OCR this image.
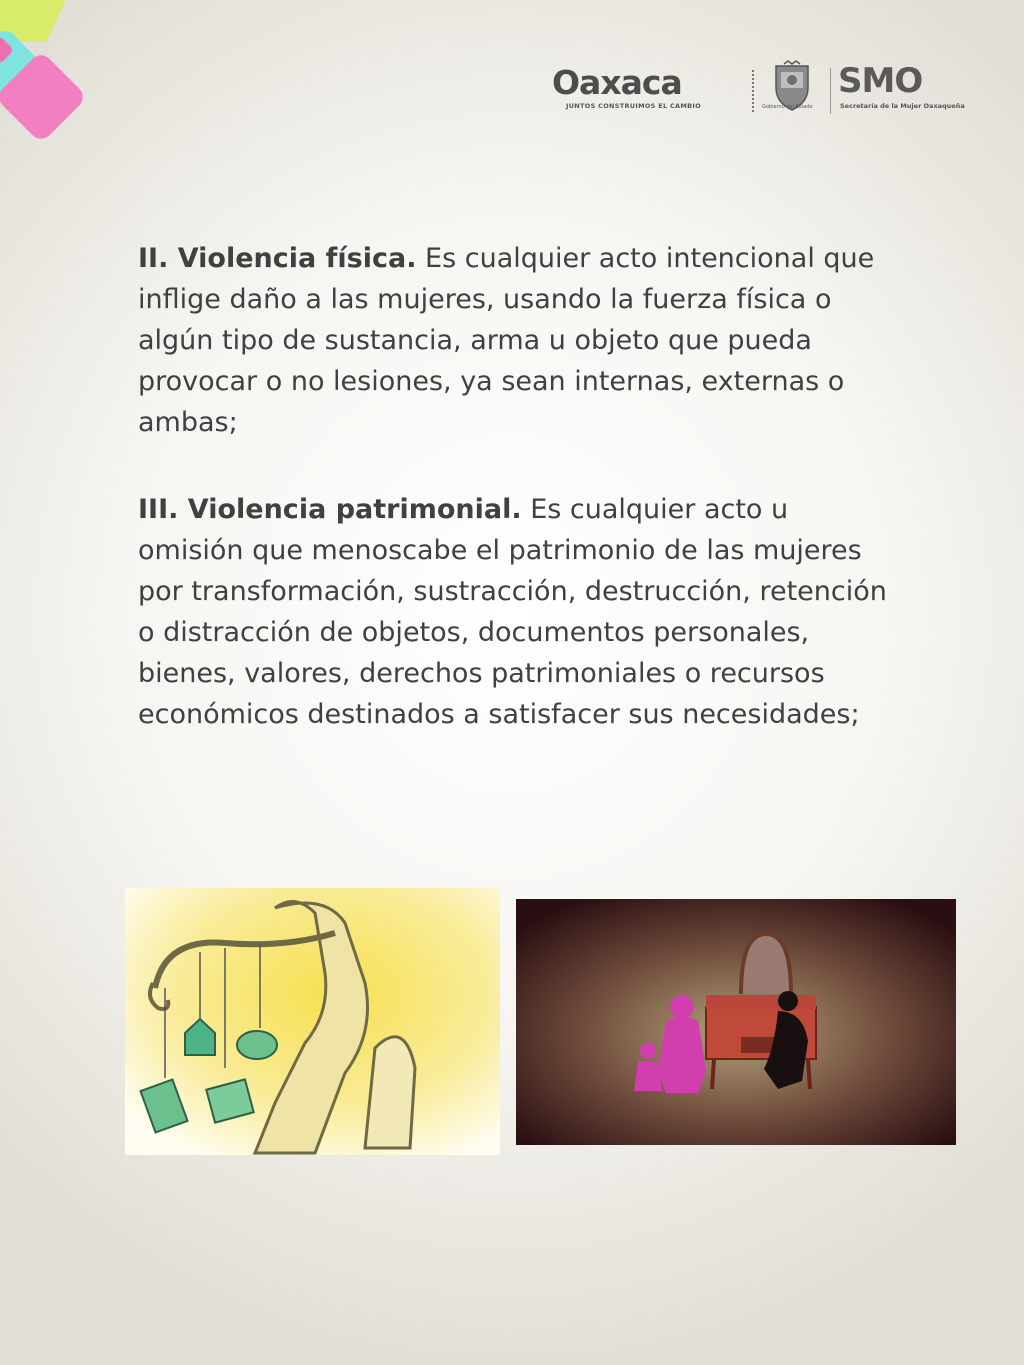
Oaxaca
JUNTOS CONSTRUIMOS EL CAMBIO	Gobierno del Estado
SMO
Secretaría de la Mujer Oaxaqueña

II. Violencia física. Es cualquier acto intencional que inflige daño a las mujeres, usando la fuerza física o algún tipo de sustancia, arma u objeto que pueda provocar o no lesiones, ya sean internas, externas o ambas;

III. Violencia patrimonial. Es cualquier acto u omisión que menoscabe el patrimonio de las mujeres por transformación, sustracción, destrucción, retención o distracción de objetos, documentos personales, bienes, valores, derechos patrimoniales o recursos económicos destinados a satisfacer sus necesidades;
